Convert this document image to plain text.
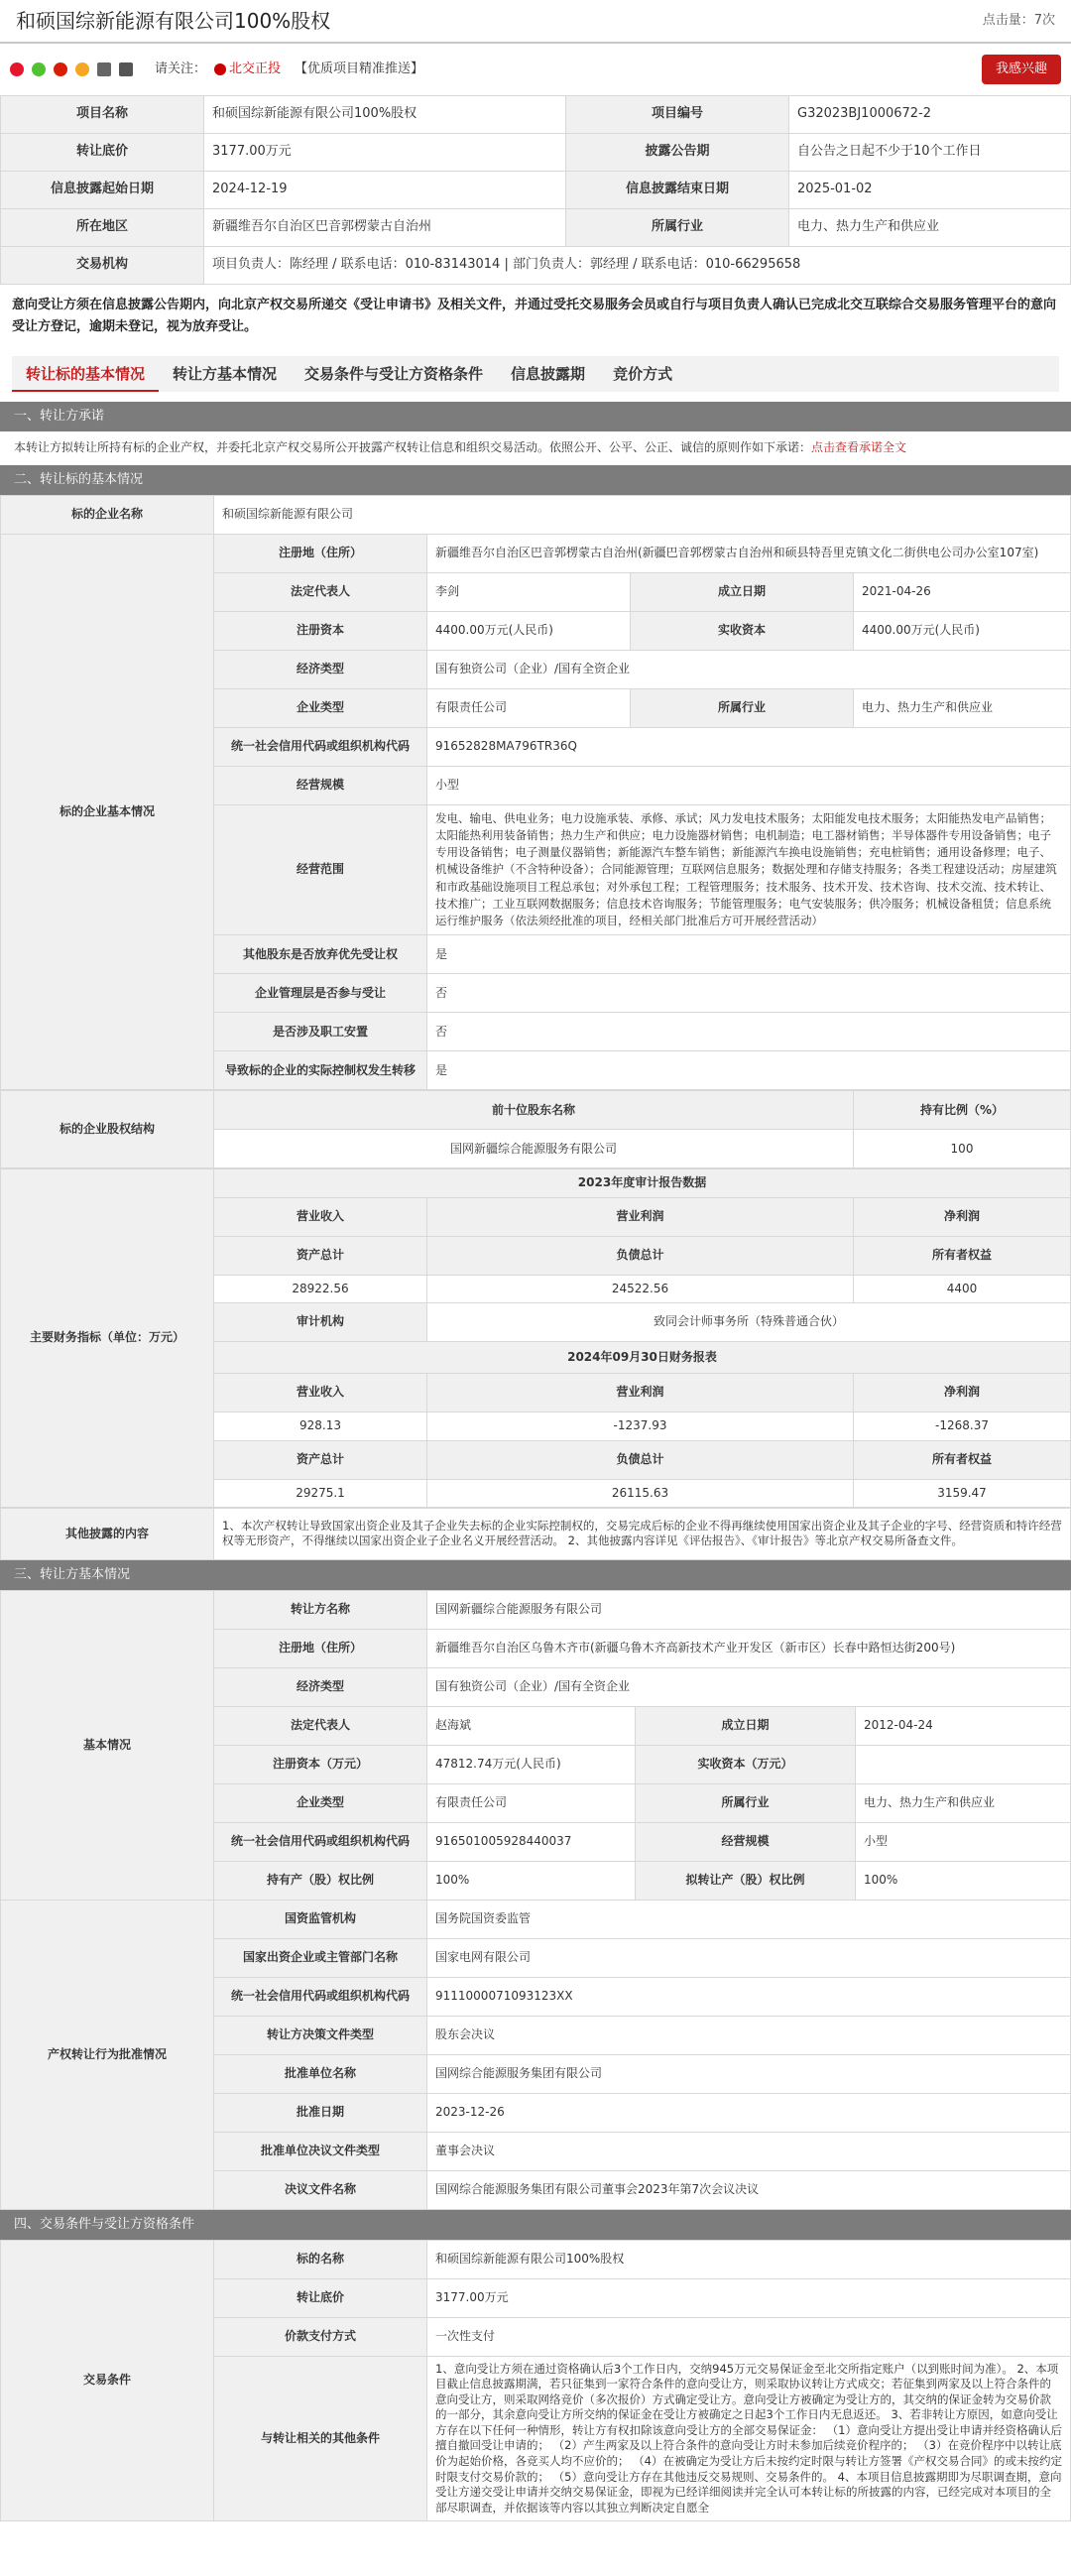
和硕国综新能源有限公司100%股权	点击量：7次
请关注： 北交正投 【优质项目精准推送】	我感兴趣
项目名称	和硕国综新能源有限公司100%股权	项目编号	G32023BJ1000672-2
转让底价	3177.00万元	披露公告期	自公告之日起不少于10个工作日
信息披露起始日期	2024-12-19	信息披露结束日期	2025-01-02
所在地区	新疆维吾尔自治区巴音郭楞蒙古自治州	所属行业	电力、热力生产和供应业
交易机构	项目负责人：陈经理 / 联系电话：010-83143014 | 部门负责人：郭经理 / 联系电话：010-66295658		
意向受让方须在信息披露公告期内，向北京产权交易所递交《受让申请书》及相关文件，并通过受托交易服务会员或自行与项目负责人确认已完成北交互联综合交易服务管理平台的意向受让方登记，逾期未登记，视为放弃受让。
转让标的基本情况	转让方基本情况	交易条件与受让方资格条件	信息披露期	竞价方式
一、转让方承诺
本转让方拟转让所持有标的企业产权，并委托北京产权交易所公开披露产权转让信息和组织交易活动。依照公开、公平、公正、诚信的原则作如下承诺：点击查看承诺全文
二、转让标的基本情况
标的企业名称	和硕国综新能源有限公司			
标的企业基本情况	注册地（住所）	新疆维吾尔自治区巴音郭楞蒙古自治州(新疆巴音郭楞蒙古自治州和硕县特吾里克镇文化二街供电公司办公室107室)		
	法定代表人	李剑	成立日期	2021-04-26
	注册资本	4400.00万元(人民币)	实收资本	4400.00万元(人民币)
	经济类型	国有独资公司（企业）/国有全资企业		
	企业类型	有限责任公司	所属行业	电力、热力生产和供应业
	统一社会信用代码或组织机构代码	91652828MA796TR36Q		
	经营规模	小型		
	经营范围	发电、输电、供电业务；电力设施承装、承修、承试；风力发电技术服务；太阳能发电技术服务；太阳能热发电产品销售；太阳能热利用装备销售；热力生产和供应；电力设施器材销售；电机制造；电工器材销售；半导体器件专用设备销售；电子专用设备销售；电子测量仪器销售；新能源汽车整车销售；新能源汽车换电设施销售；充电桩销售；通用设备修理；电子、机械设备维护（不含特种设备）；合同能源管理；互联网信息服务；数据处理和存储支持服务；各类工程建设活动；房屋建筑和市政基础设施项目工程总承包；对外承包工程；工程管理服务；技术服务、技术开发、技术咨询、技术交流、技术转让、技术推广；工业互联网数据服务；信息技术咨询服务；节能管理服务；电气安装服务；供冷服务；机械设备租赁；信息系统运行维护服务（依法须经批准的项目，经相关部门批准后方可开展经营活动）		
	其他股东是否放弃优先受让权	是		
	企业管理层是否参与受让	否		
	是否涉及职工安置	否		
	导致标的企业的实际控制权发生转移	是		
标的企业股权结构	前十位股东名称	持有比例（%）
	国网新疆综合能源服务有限公司	100
主要财务指标（单位：万元）	2023年度审计报告数据		
	营业收入	营业利润	净利润
	资产总计	负债总计	所有者权益
	28922.56	24522.56	4400
	审计机构	致同会计师事务所（特殊普通合伙）	
	2024年09月30日财务报表		
	营业收入	营业利润	净利润
	928.13	-1237.93	-1268.37
	资产总计	负债总计	所有者权益
	29275.1	26115.63	3159.47
其他披露的内容	1、本次产权转让导致国家出资企业及其子企业失去标的企业实际控制权的，交易完成后标的企业不得再继续使用国家出资企业及其子企业的字号、经营资质和特许经营权等无形资产，不得继续以国家出资企业子企业名义开展经营活动。 2、其他披露内容详见《评估报告》、《审计报告》等北京产权交易所备查文件。
三、转让方基本情况
基本情况	转让方名称	国网新疆综合能源服务有限公司		
	注册地（住所）	新疆维吾尔自治区乌鲁木齐市(新疆乌鲁木齐高新技术产业开发区（新市区）长春中路恒达街200号)		
	经济类型	国有独资公司（企业）/国有全资企业		
	法定代表人	赵海斌	成立日期	2012-04-24
	注册资本（万元）	47812.74万元(人民币)	实收资本（万元）	
	企业类型	有限责任公司	所属行业	电力、热力生产和供应业
	统一社会信用代码或组织机构代码	916501005928440037	经营规模	小型
	持有产（股）权比例	100%	拟转让产（股）权比例	100%
产权转让行为批准情况	国资监管机构	国务院国资委监管		
	国家出资企业或主管部门名称	国家电网有限公司		
	统一社会信用代码或组织机构代码	9111000071093123XX		
	转让方决策文件类型	股东会决议		
	批准单位名称	国网综合能源服务集团有限公司		
	批准日期	2023-12-26		
	批准单位决议文件类型	董事会决议		
	决议文件名称	国网综合能源服务集团有限公司董事会2023年第7次会议决议		
四、交易条件与受让方资格条件
交易条件	标的名称	和硕国综新能源有限公司100%股权
	转让底价	3177.00万元
	价款支付方式	一次性支付
	与转让相关的其他条件	1、意向受让方须在通过资格确认后3个工作日内，交纳945万元交易保证金至北交所指定账户（以到账时间为准）。 2、本项目截止信息披露期满，若只征集到一家符合条件的意向受让方，则采取协议转让方式成交；若征集到两家及以上符合条件的意向受让方，则采取网络竞价（多次报价）方式确定受让方。意向受让方被确定为受让方的，其交纳的保证金转为交易价款的一部分，其余意向受让方所交纳的保证金在受让方被确定之日起3个工作日内无息返还。 3、若非转让方原因，如意向受让方存在以下任何一种情形，转让方有权扣除该意向受让方的全部交易保证金： （1）意向受让方提出受让申请并经资格确认后擅自撤回受让申请的； （2）产生两家及以上符合条件的意向受让方时未参加后续竞价程序的； （3）在竞价程序中以转让底价为起始价格，各竞买人均不应价的； （4）在被确定为受让方后未按约定时限与转让方签署《产权交易合同》的或未按约定时限支付交易价款的； （5）意向受让方存在其他违反交易规则、交易条件的。 4、本项目信息披露期即为尽职调查期，意向受让方递交受让申请并交纳交易保证金，即视为已经详细阅读并完全认可本转让标的所披露的内容，已经完成对本项目的全部尽职调查，并依据该等内容以其独立判断决定自愿全
